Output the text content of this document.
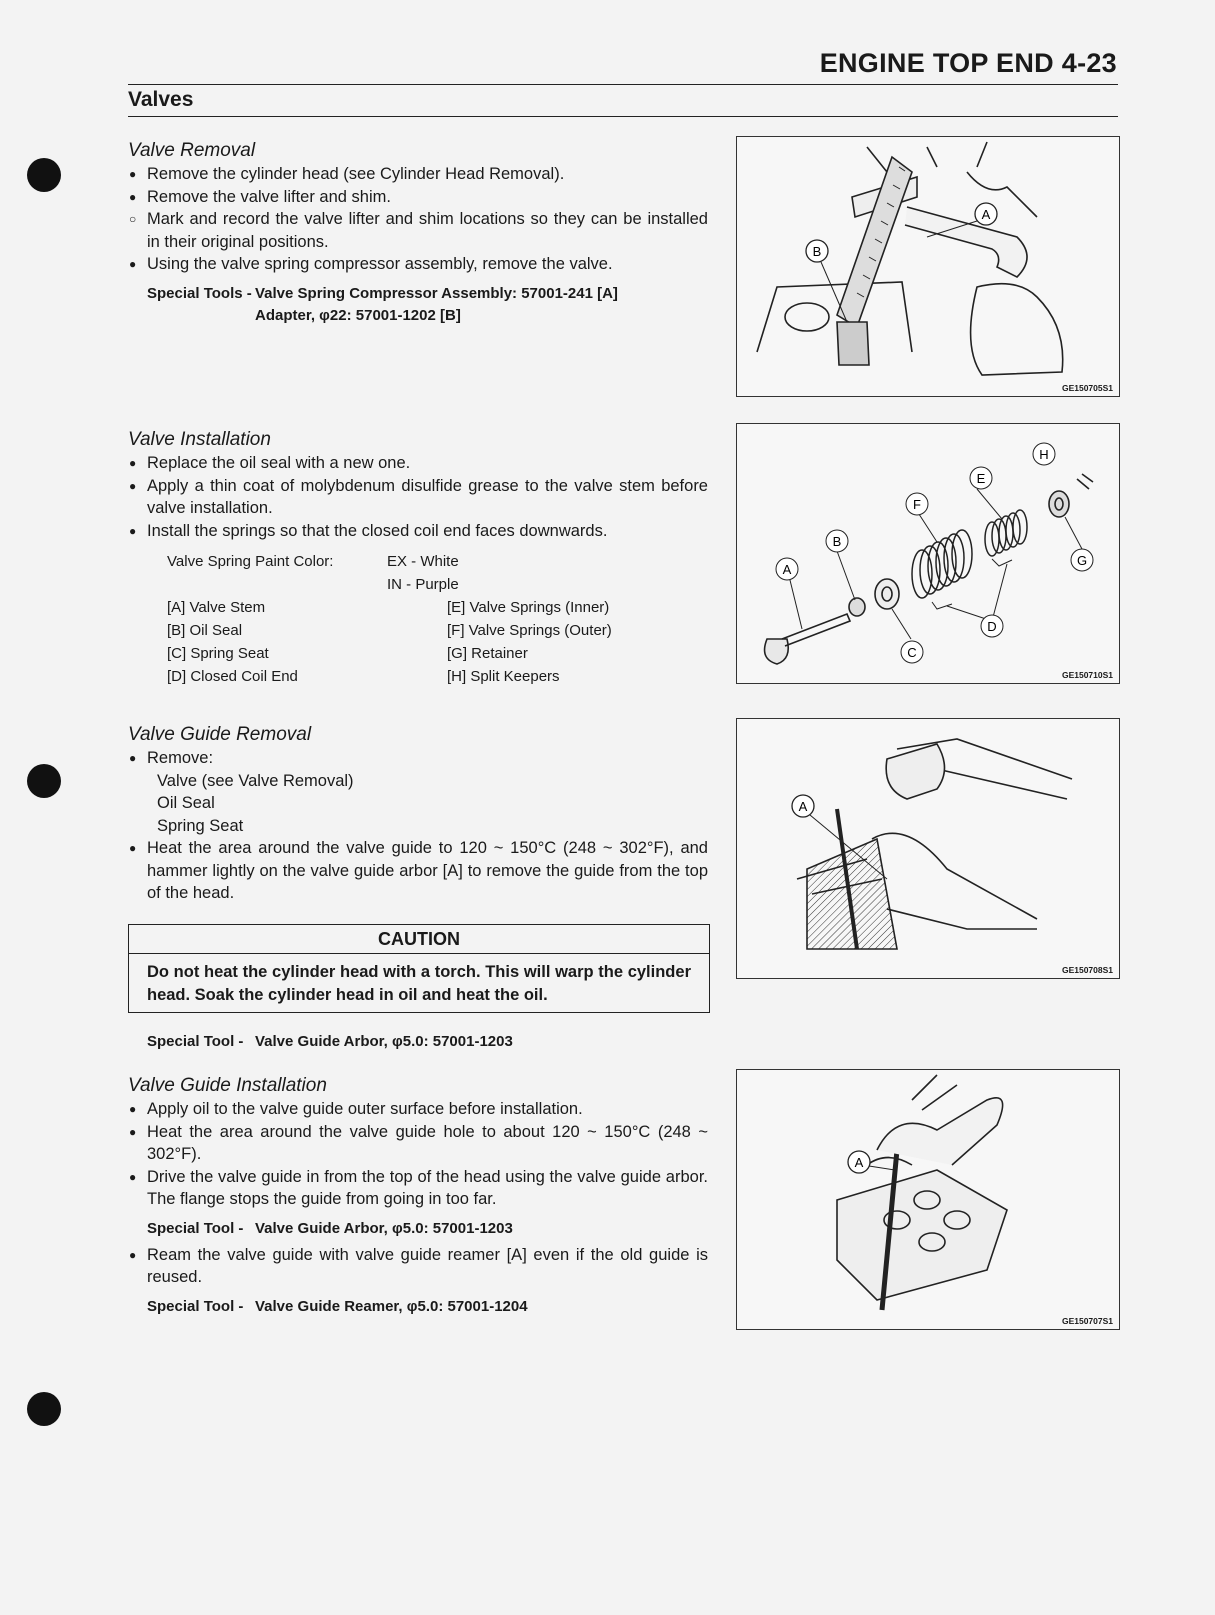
ENGINE TOP END 4-23
Valves
Valve Removal
● Remove the cylinder head (see Cylinder Head Removal).
● Remove the valve lifter and shim.
○ Mark and record the valve lifter and shim locations so they can be installed in their original positions.
● Using the valve spring compressor assembly, remove the valve.
Special Tools - Valve Spring Compressor Assembly: 57001-241 [A]
Adapter, φ22: 57001-1202 [B]
Valve Installation
● Replace the oil seal with a new one.
● Apply a thin coat of molybdenum disulfide grease to the valve stem before valve installation.
● Install the springs so that the closed coil end faces downwards.
Valve Spring Paint Color:	EX - White
IN - Purple
[A] Valve Stem
[B] Oil Seal
[C] Spring Seat
[D] Closed Coil End
[E] Valve Springs (Inner)
[F] Valve Springs (Outer)
[G] Retainer
[H] Split Keepers
Valve Guide Removal
● Remove:
Valve (see Valve Removal)
Oil Seal
Spring Seat
● Heat the area around the valve guide to 120 ~ 150°C (248 ~ 302°F), and hammer lightly on the valve guide arbor [A] to remove the guide from the top of the head.
CAUTION
Do not heat the cylinder head with a torch. This will warp the cylinder head. Soak the cylinder head in oil and heat the oil.
Special Tool - Valve Guide Arbor, φ5.0: 57001-1203
Valve Guide Installation
● Apply oil to the valve guide outer surface before installation.
● Heat the area around the valve guide hole to about 120 ~ 150°C (248 ~ 302°F).
● Drive the valve guide in from the top of the head using the valve guide arbor. The flange stops the guide from going in too far.
Special Tool - Valve Guide Arbor, φ5.0: 57001-1203
● Ream the valve guide with valve guide reamer [A] even if the old guide is reused.
Special Tool - Valve Guide Reamer, φ5.0: 57001-1204
A
B
GE150705S1
A
B
C
D
E
F
G
H
GE150710S1
A
GE150708S1
A
GE150707S1
